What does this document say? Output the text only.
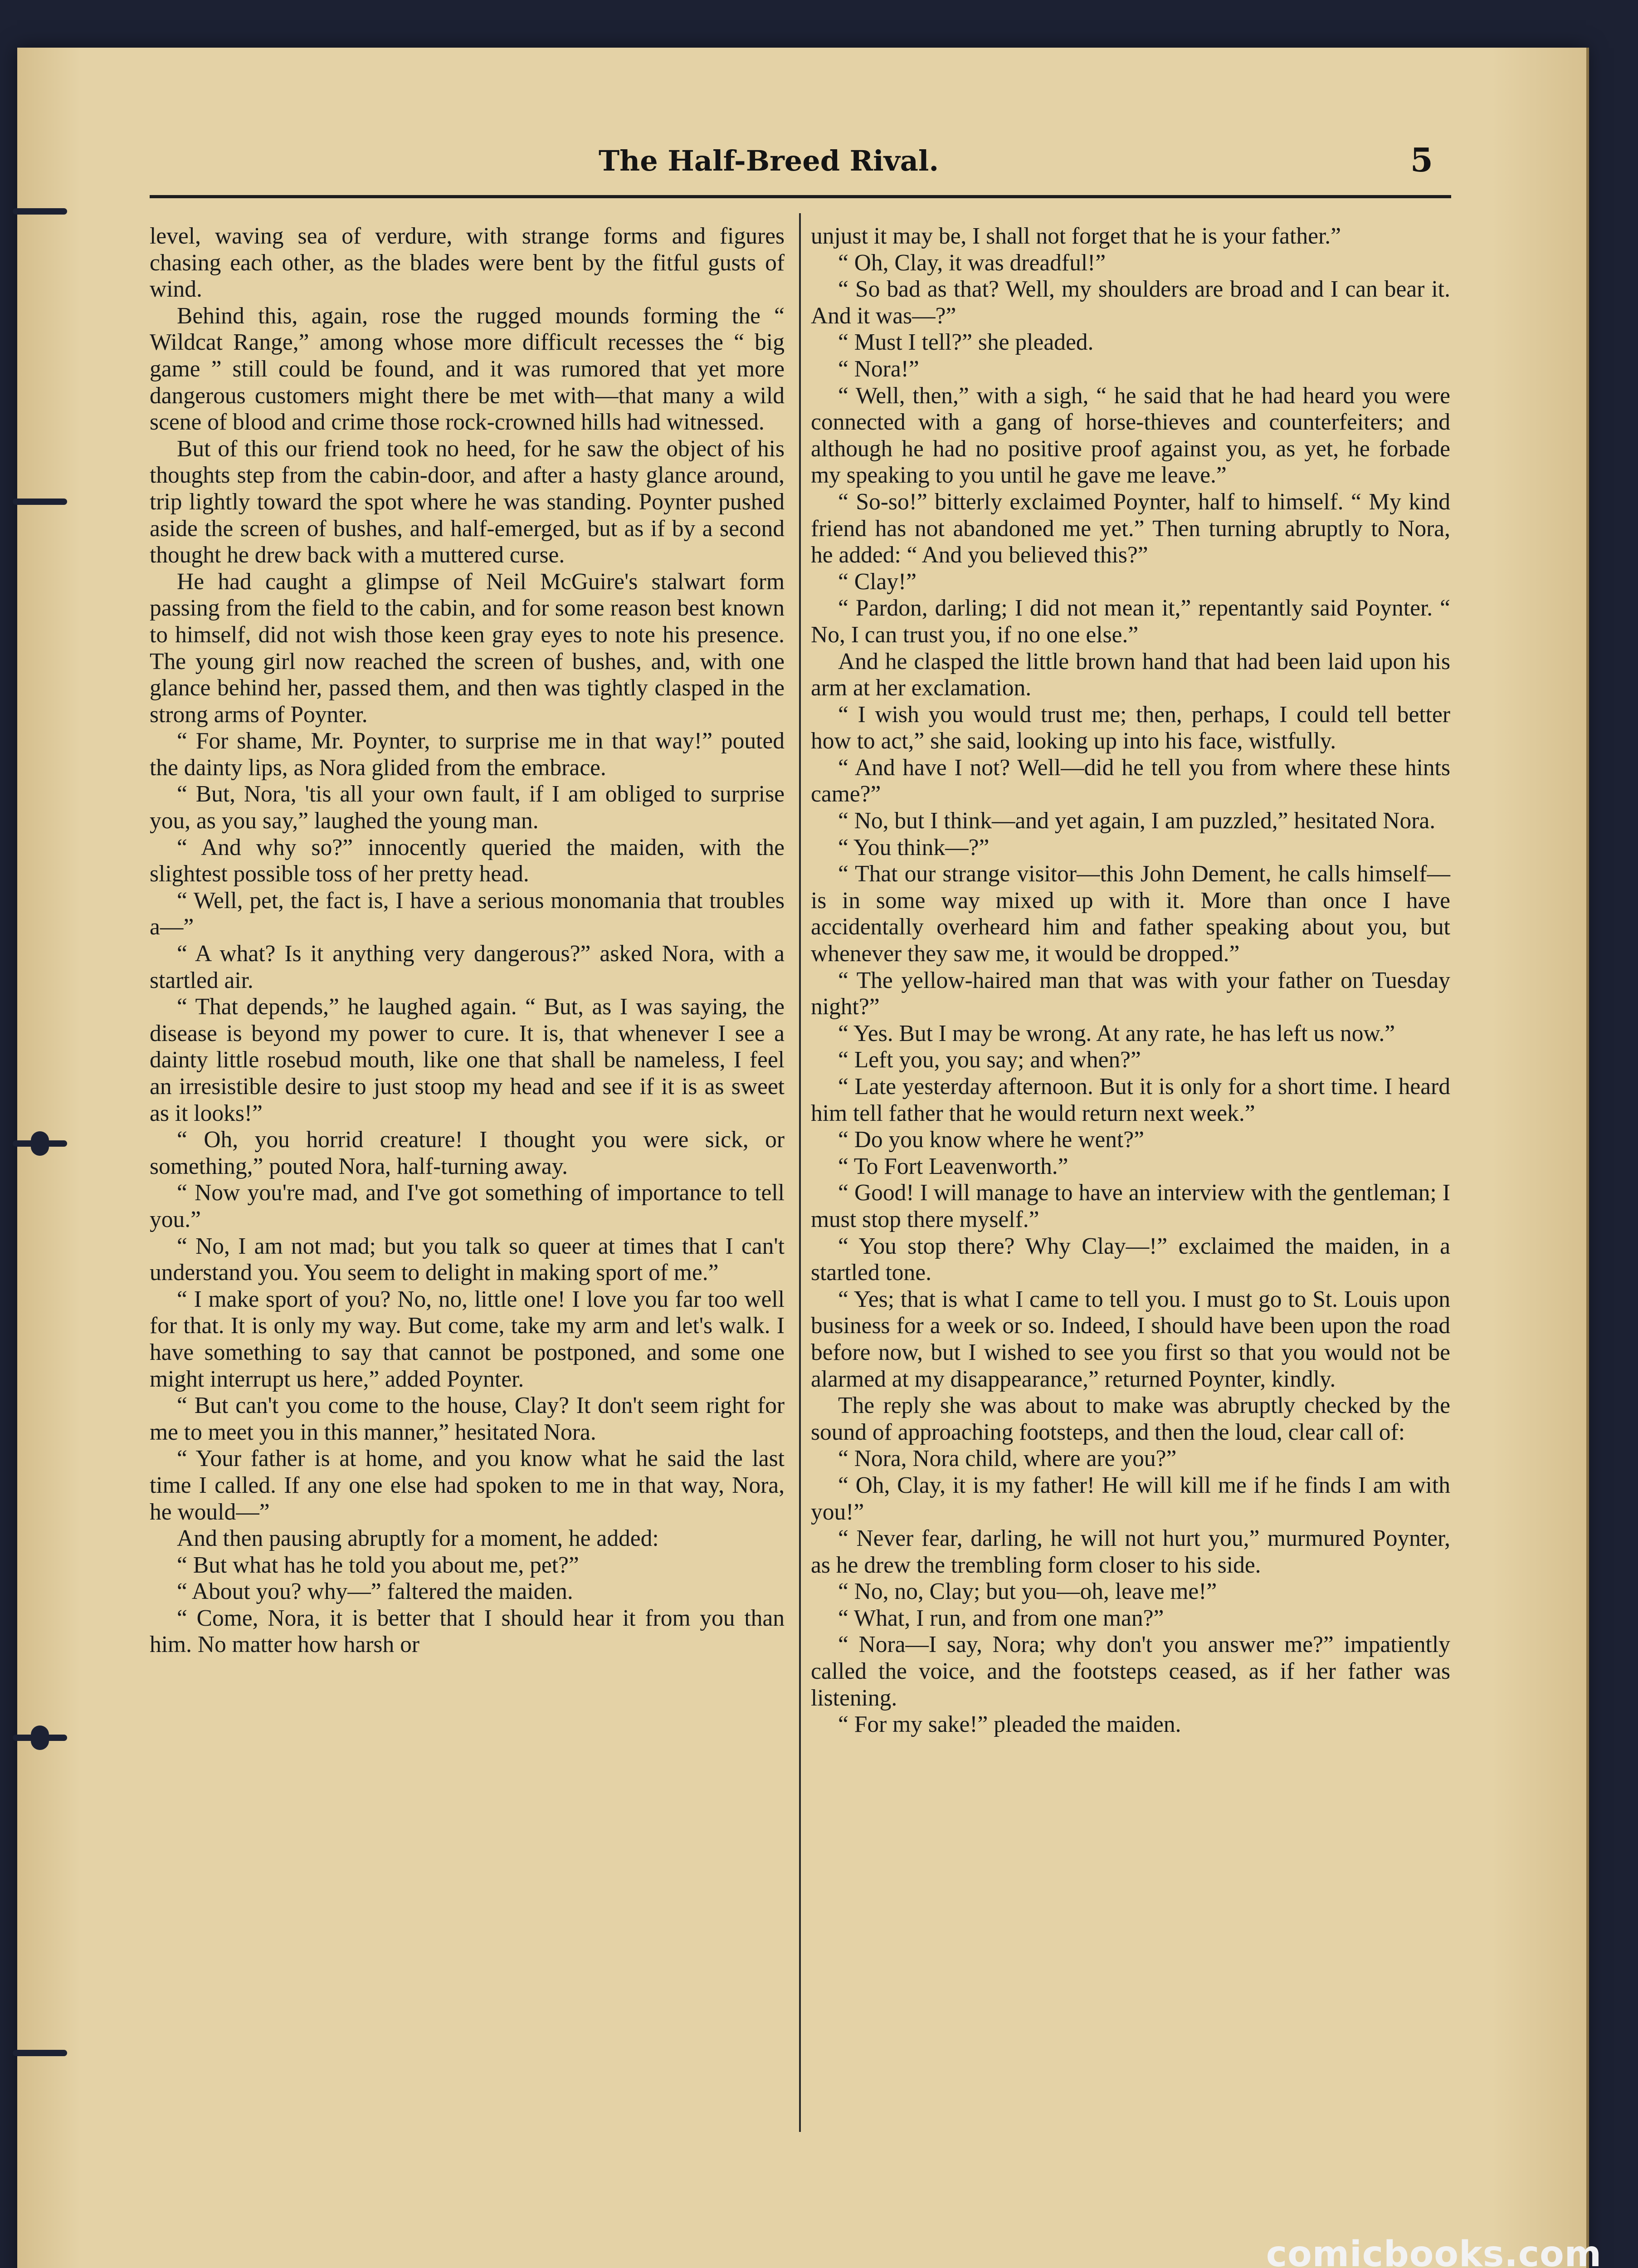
The Half-Breed Rival.	5

level, waving sea of verdure, with strange forms and figures chasing each other, as the blades were bent by the fitful gusts of wind.

Behind this, again, rose the rugged mounds forming the “ Wildcat Range,” among whose more difficult recesses the “ big game ” still could be found, and it was rumored that yet more dangerous customers might there be met with—that many a wild scene of blood and crime those rock-crowned hills had witnessed.

But of this our friend took no heed, for he saw the object of his thoughts step from the cabin-door, and after a hasty glance around, trip lightly toward the spot where he was standing. Poynter pushed aside the screen of bushes, and half-emerged, but as if by a second thought he drew back with a muttered curse.

He had caught a glimpse of Neil McGuire's stalwart form passing from the field to the cabin, and for some reason best known to himself, did not wish those keen gray eyes to note his presence. The young girl now reached the screen of bushes, and, with one glance behind her, passed them, and then was tightly clasped in the strong arms of Poynter.

“ For shame, Mr. Poynter, to surprise me in that way!” pouted the dainty lips, as Nora glided from the embrace.

“ But, Nora, 'tis all your own fault, if I am obliged to surprise you, as you say,” laughed the young man.

“ And why so?” innocently queried the maiden, with the slightest possible toss of her pretty head.

“ Well, pet, the fact is, I have a serious monomania that troubles a—”

“ A what? Is it anything very dangerous?” asked Nora, with a startled air.

“ That depends,” he laughed again. “ But, as I was saying, the disease is beyond my power to cure. It is, that whenever I see a dainty little rosebud mouth, like one that shall be nameless, I feel an irresistible desire to just stoop my head and see if it is as sweet as it looks!”

“ Oh, you horrid creature! I thought you were sick, or something,” pouted Nora, half-turning away.

“ Now you're mad, and I've got something of importance to tell you.”

“ No, I am not mad; but you talk so queer at times that I can't understand you. You seem to delight in making sport of me.”

“ I make sport of you? No, no, little one! I love you far too well for that. It is only my way. But come, take my arm and let's walk. I have something to say that cannot be postponed, and some one might interrupt us here,” added Poynter.

“ But can't you come to the house, Clay? It don't seem right for me to meet you in this manner,” hesitated Nora.

“ Your father is at home, and you know what he said the last time I called. If any one else had spoken to me in that way, Nora, he would—”

And then pausing abruptly for a moment, he added:

“ But what has he told you about me, pet?”

“ About you? why—” faltered the maiden.

“ Come, Nora, it is better that I should hear it from you than him. No matter how harsh or

unjust it may be, I shall not forget that he is your father.”

“ Oh, Clay, it was dreadful!”

“ So bad as that? Well, my shoulders are broad and I can bear it. And it was—?”

“ Must I tell?” she pleaded.

“ Nora!”

“ Well, then,” with a sigh, “ he said that he had heard you were connected with a gang of horse-thieves and counterfeiters; and although he had no positive proof against you, as yet, he forbade my speaking to you until he gave me leave.”

“ So-so!” bitterly exclaimed Poynter, half to himself. “ My kind friend has not abandoned me yet.” Then turning abruptly to Nora, he added: “ And you believed this?”

“ Clay!”

“ Pardon, darling; I did not mean it,” repentantly said Poynter. “ No, I can trust you, if no one else.”

And he clasped the little brown hand that had been laid upon his arm at her exclamation.

“ I wish you would trust me; then, perhaps, I could tell better how to act,” she said, looking up into his face, wistfully.

“ And have I not? Well—did he tell you from where these hints came?”

“ No, but I think—and yet again, I am puzzled,” hesitated Nora.

“ You think—?”

“ That our strange visitor—this John Dement, he calls himself—is in some way mixed up with it. More than once I have accidentally overheard him and father speaking about you, but whenever they saw me, it would be dropped.”

“ The yellow-haired man that was with your father on Tuesday night?”

“ Yes. But I may be wrong. At any rate, he has left us now.”

“ Left you, you say; and when?”

“ Late yesterday afternoon. But it is only for a short time. I heard him tell father that he would return next week.”

“ Do you know where he went?”

“ To Fort Leavenworth.”

“ Good! I will manage to have an interview with the gentleman; I must stop there myself.”

“ You stop there? Why Clay—!” exclaimed the maiden, in a startled tone.

“ Yes; that is what I came to tell you. I must go to St. Louis upon business for a week or so. Indeed, I should have been upon the road before now, but I wished to see you first so that you would not be alarmed at my disappearance,” returned Poynter, kindly.

The reply she was about to make was abruptly checked by the sound of approaching footsteps, and then the loud, clear call of:

“ Nora, Nora child, where are you?”

“ Oh, Clay, it is my father! He will kill me if he finds I am with you!”

“ Never fear, darling, he will not hurt you,” murmured Poynter, as he drew the trembling form closer to his side.

“ No, no, Clay; but you—oh, leave me!”

“ What, I run, and from one man?”

“ Nora—I say, Nora; why don't you answer me?” impatiently called the voice, and the footsteps ceased, as if her father was listening.

“ For my sake!” pleaded the maiden.

comicbooks.com
